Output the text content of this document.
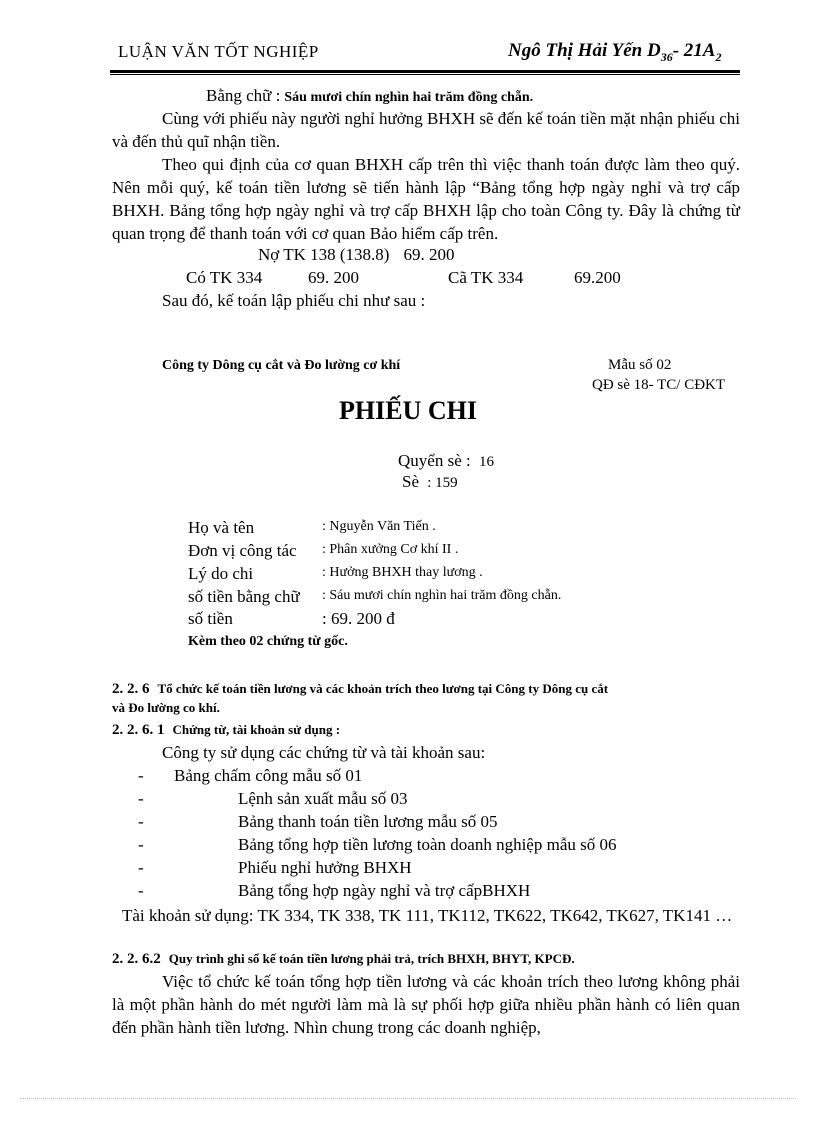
LUẬN VĂN TỐT NGHIỆP	Ngô Thị Hải Yến $D_{36}-$ $21A_2$
Bằng chữ : Sáu mươi chín nghìn hai trăm đồng chẵn.
Cùng với phiếu này người nghỉ hưởng BHXH sẽ đến kế toán tiền mặt nhận phiếu chi và đến thủ quĩ nhận tiền.
Theo qui định của cơ quan BHXH cấp trên thì việc thanh toán được làm theo quý. Nên mỗi quý, kế toán tiền lương sẽ tiến hành lập “Bảng tổng hợp ngày nghỉ và trợ cấp BHXH. Bảng tổng hợp ngày nghỉ và trợ cấp BHXH lập cho toàn Công ty. Đây là chứng từ quan trọng để thanh toán với cơ quan Bảo hiểm cấp trên.
Nợ TK 138 (138.8) 69. 200
Có TK 334	69. 200	Cã TK 334	69.200
Sau đó, kế toán lập phiếu chi như sau :
Công ty Dông cụ cắt và Đo lường cơ khí	Mẫu số 02
QĐ sè 18- TC/ CĐKT
PHIẾU CHI
Quyển sè : 16
Sè : 159
Họ và tên	: Nguyễn Văn Tiến .
Đơn vị công tác : Phân xưởng Cơ khí II .
Lý do chi	: Hưởng BHXH thay lương .
số tiền bằng chữ : Sáu mươi chín nghìn hai trăm đồng chẵn.
số tiền	: 69. 200 đ
Kèm theo 02 chứng từ gốc.
2. 2. 6 Tổ chức kế toán tiền lương và các khoản trích theo lương tại Công ty Dông cụ cắt
và Đo lường co khí.
2. 2. 6. 1 Chứng từ, tài khoản sử dụng :
Công ty sử dụng các chứng từ và tài khoản sau:
- Bảng chấm công mẫu số 01
-	Lệnh sản xuất mẫu số 03
-	Bảng thanh toán tiền lương mẫu số 05
-	Bảng tổng hợp tiền lương toàn doanh nghiệp mẫu số 06
-	Phiếu nghỉ hưởng BHXH
-	Bảng tổng hợp ngày nghỉ và trợ cấpBHXH
Tài khoản sử dụng: TK 334, TK 338, TK 111, TK112, TK622, TK642, TK627, TK141 …
2. 2. 6.2 Quy trình ghi sổ kế toán tiền lương phải trả, trích BHXH, BHYT, KPCĐ.
Việc tổ chức kế toán tổng hợp tiền lương và các khoản trích theo lương không phải là một phần hành do mét người làm mà là sự phối hợp giữa nhiều phần hành có liên quan đến phần hành tiền lương. Nhìn chung trong các doanh nghiệp,
